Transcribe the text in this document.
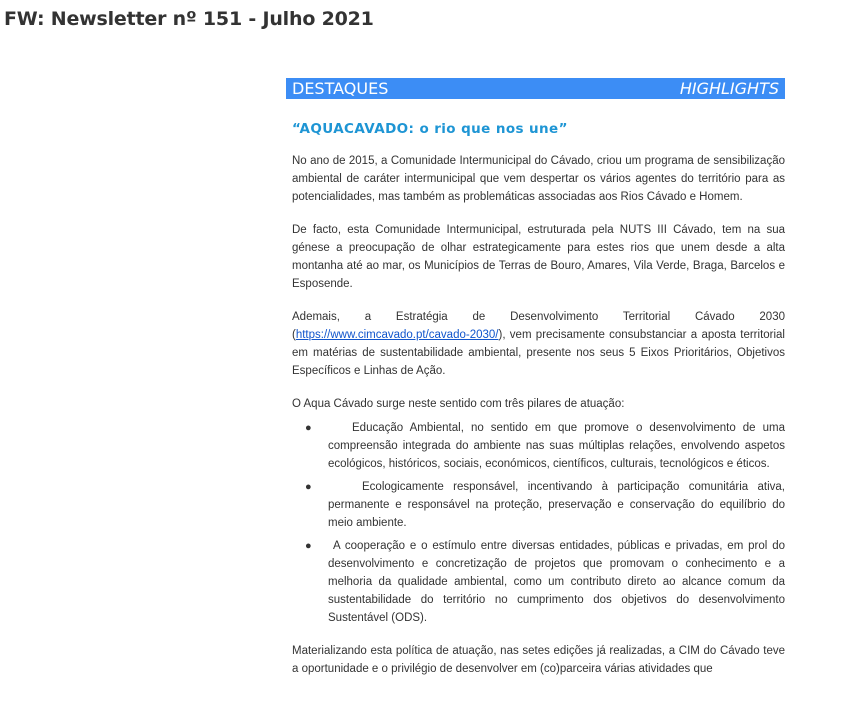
FW: Newsletter nº 151 - Julho 2021
DESTAQUES	HIGHLIGHTS
“AQUACAVADO: o rio que nos une”

No ano de 2015, a Comunidade Intermunicipal do Cávado, criou um programa de sensibilização ambiental de caráter intermunicipal que vem despertar os vários agentes do território para as potencialidades, mas também as problemáticas associadas aos Rios Cávado e Homem.

De facto, esta Comunidade Intermunicipal, estruturada pela NUTS III Cávado, tem na sua génese a preocupação de olhar estrategicamente para estes rios que unem desde a alta montanha até ao mar, os Municípios de Terras de Bouro, Amares, Vila Verde, Braga, Barcelos e Esposende.

Ademais, a Estratégia de Desenvolvimento Territorial Cávado 2030 (https://www.cimcavado.pt/cavado-2030/), vem precisamente consubstanciar a aposta territorial em matérias de sustentabilidade ambiental, presente nos seus 5 Eixos Prioritários, Objetivos Específicos e Linhas de Ação.

O Aqua Cávado surge neste sentido com três pilares de atuação:

●	Educação Ambiental, no sentido em que promove o desenvolvimento de uma compreensão integrada do ambiente nas suas múltiplas relações, envolvendo aspetos ecológicos, históricos, sociais, económicos, científicos, culturais, tecnológicos e éticos.
●	Ecologicamente responsável, incentivando à participação comunitária ativa, permanente e responsável na proteção, preservação e conservação do equilíbrio do meio ambiente.
● A cooperação e o estímulo entre diversas entidades, públicas e privadas, em prol do desenvolvimento e concretização de projetos que promovam o conhecimento e a melhoria da qualidade ambiental, como um contributo direto ao alcance comum da sustentabilidade do território no cumprimento dos objetivos do desenvolvimento Sustentável (ODS).

Materializando esta política de atuação, nas setes edições já realizadas, a CIM do Cávado teve a oportunidade e o privilégio de desenvolver em (co)parceira várias atividades que
